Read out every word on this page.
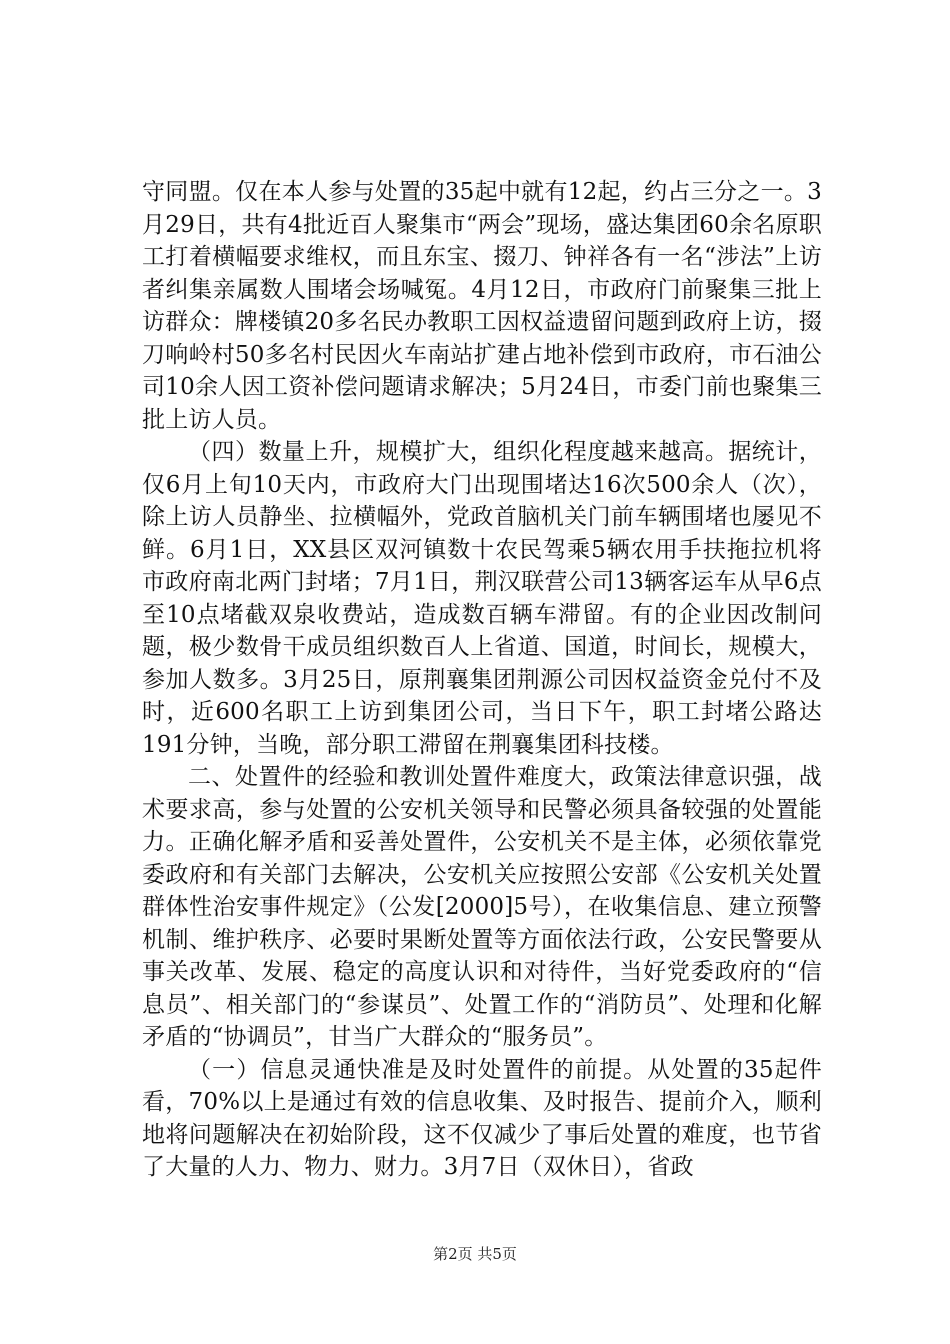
守同盟。仅在本人参与处置的35起中就有12起，约占三分之一。3月29日，共有4批近百人聚集市“两会”现场，盛达集团60余名原职工打着横幅要求维权，而且东宝、掇刀、钟祥各有一名“涉法”上访者纠集亲属数人围堵会场喊冤。4月12日，市政府门前聚集三批上访群众：牌楼镇20多名民办教职工因权益遗留问题到政府上访，掇刀响岭村50多名村民因火车南站扩建占地补偿到市政府，市石油公司10余人因工资补偿问题请求解决；5月24日，市委门前也聚集三批上访人员。

（四）数量上升，规模扩大，组织化程度越来越高。据统计，仅6月上旬10天内，市政府大门出现围堵达16次500余人（次），除上访人员静坐、拉横幅外，党政首脑机关门前车辆围堵也屡见不鲜。6月1日，XX县区双河镇数十农民驾乘5辆农用手扶拖拉机将市政府南北两门封堵；7月1日，荆汉联营公司13辆客运车从早6点至10点堵截双泉收费站，造成数百辆车滞留。有的企业因改制问题，极少数骨干成员组织数百人上省道、国道，时间长，规模大，参加人数多。3月25日，原荆襄集团荆源公司因权益资金兑付不及时，近600名职工上访到集团公司，当日下午，职工封堵公路达191分钟，当晚，部分职工滞留在荆襄集团科技楼。

二、处置件的经验和教训处置件难度大，政策法律意识强，战术要求高，参与处置的公安机关领导和民警必须具备较强的处置能力。正确化解矛盾和妥善处置件，公安机关不是主体，必须依靠党委政府和有关部门去解决，公安机关应按照公安部《公安机关处置群体性治安事件规定》（公发[2000]5号），在收集信息、建立预警机制、维护秩序、必要时果断处置等方面依法行政，公安民警要从事关改革、发展、稳定的高度认识和对待件，当好党委政府的“信息员”、相关部门的“参谋员”、处置工作的“消防员”、处理和化解矛盾的“协调员”，甘当广大群众的“服务员”。

（一）信息灵通快准是及时处置件的前提。从处置的35起件看，70%以上是通过有效的信息收集、及时报告、提前介入，顺利地将问题解决在初始阶段，这不仅减少了事后处置的难度，也节省了大量的人力、物力、财力。3月7日（双休日），省政

第2页 共5页
